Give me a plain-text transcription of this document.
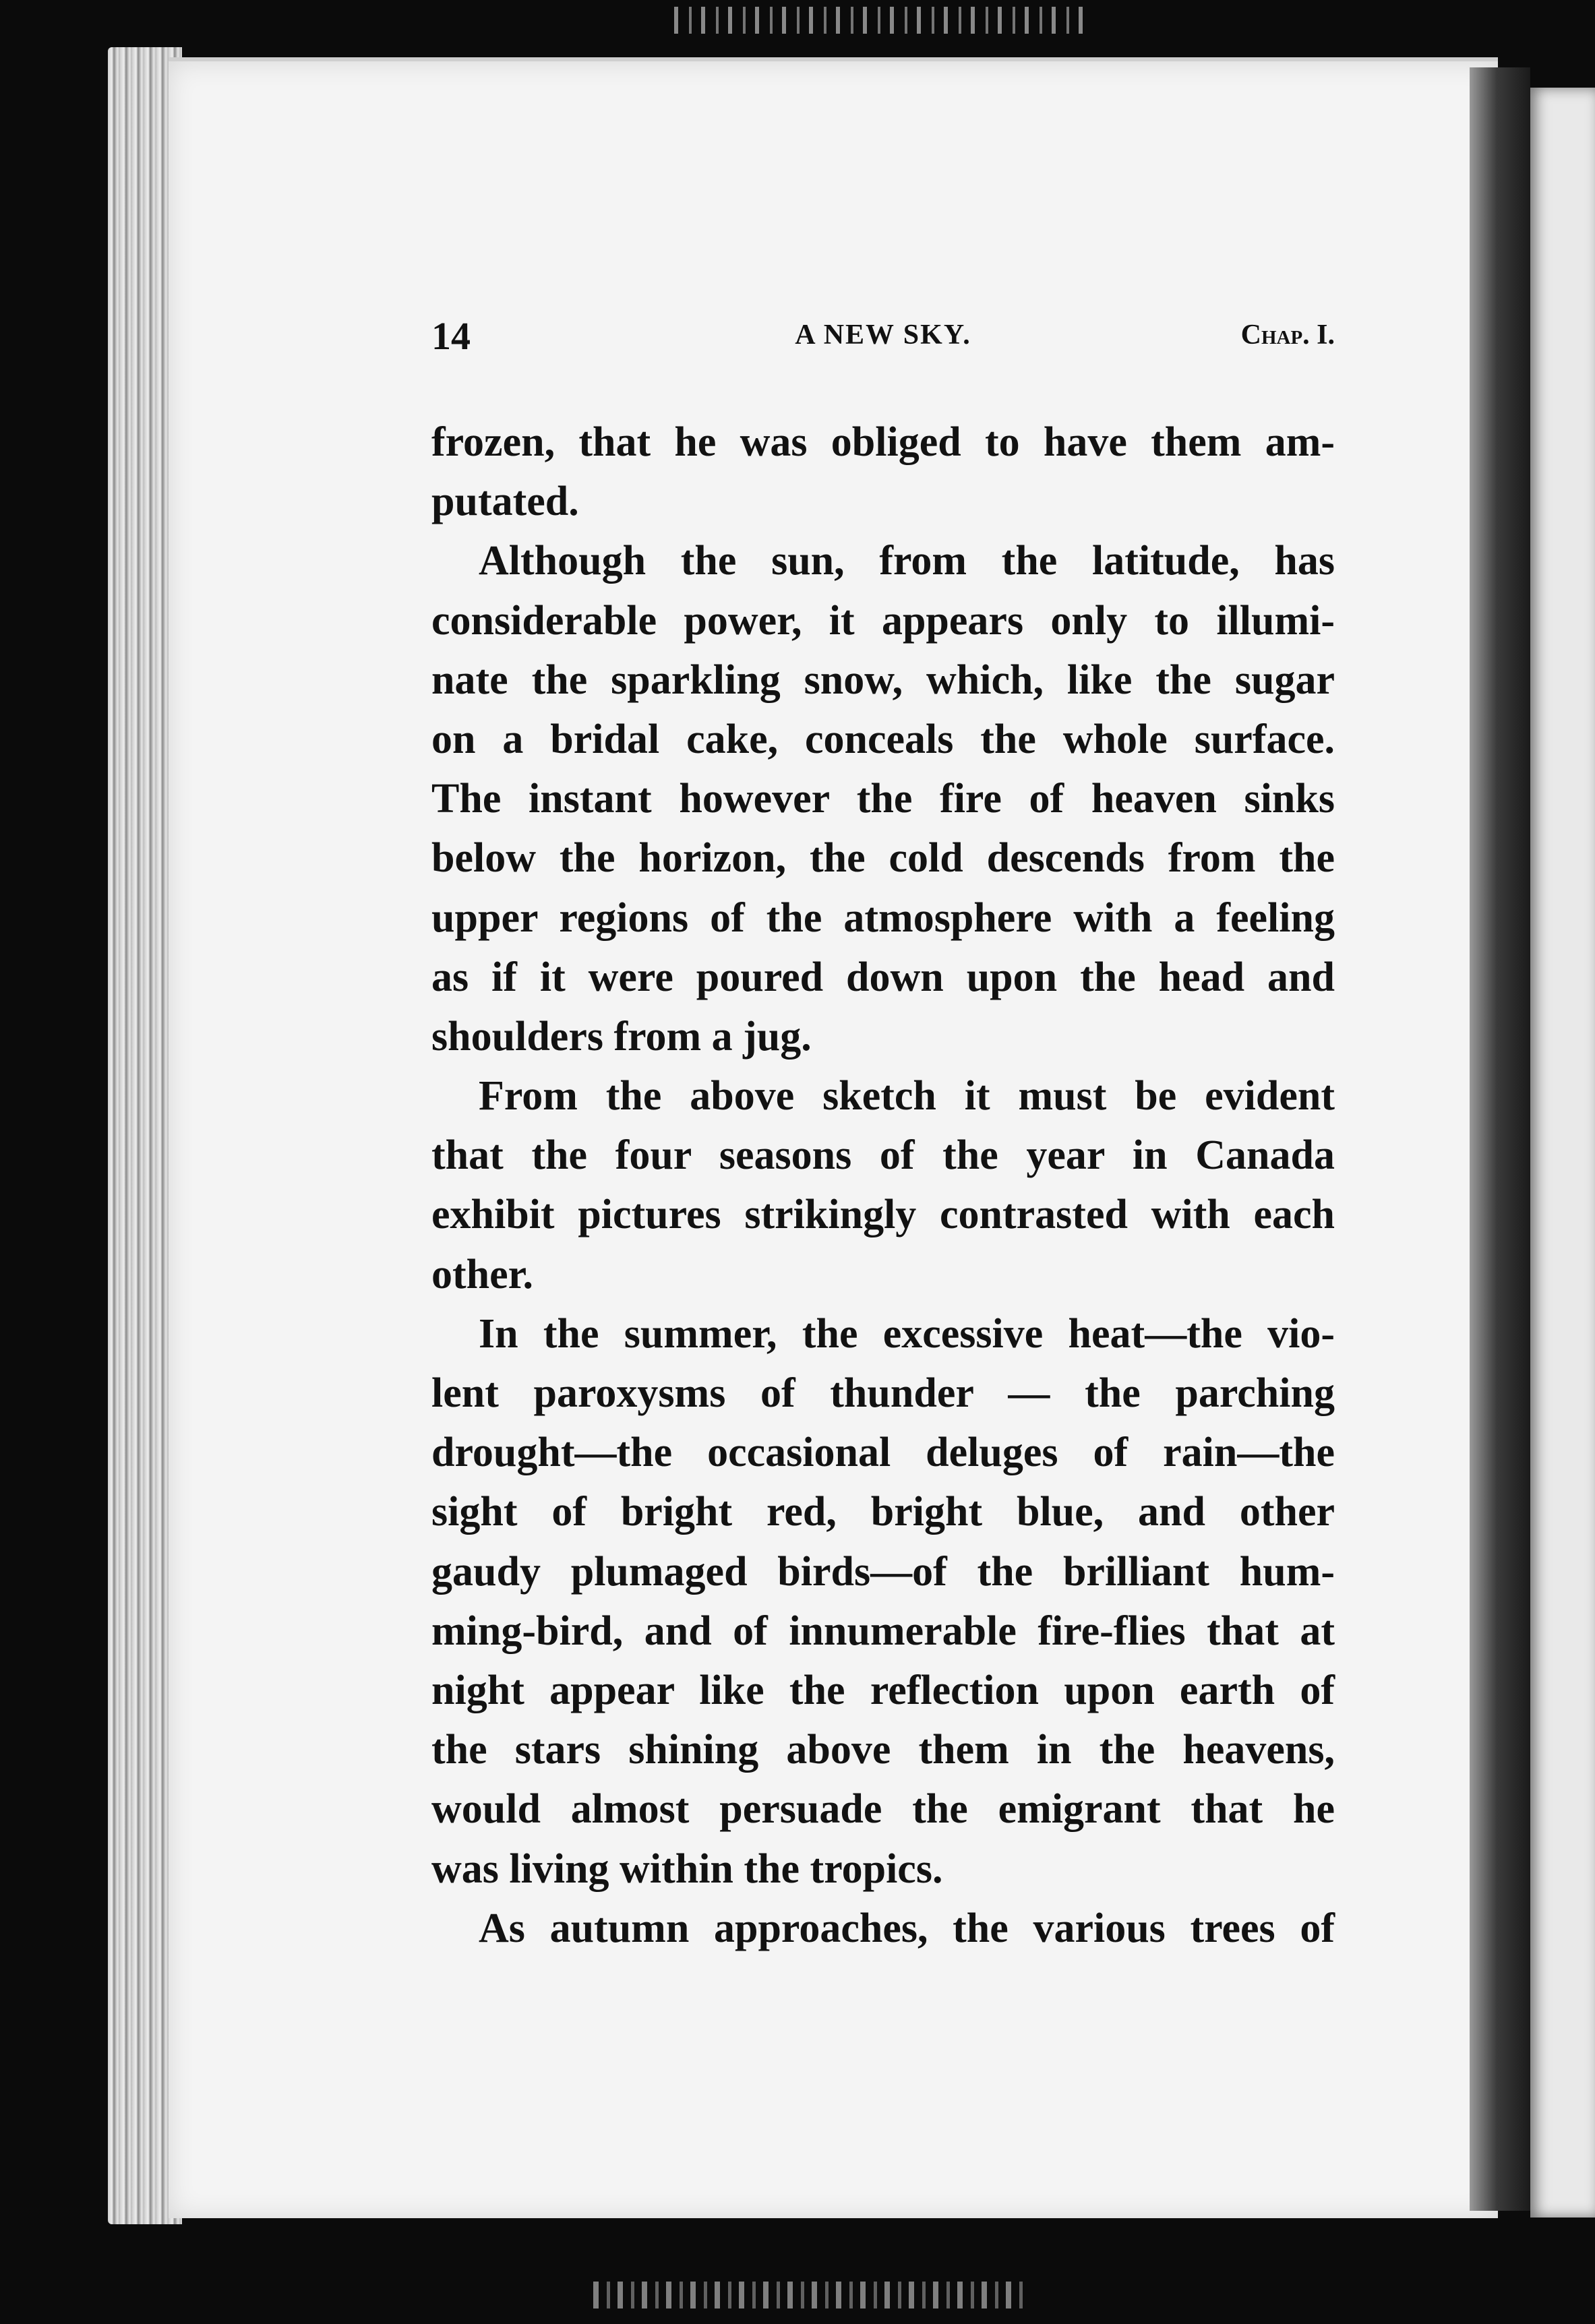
14	A NEW SKY.	Chap. I.
frozen, that he was obliged to have them am-
putated.
Although the sun, from the latitude, has
considerable power, it appears only to illumi-
nate the sparkling snow, which, like the sugar
on a bridal cake, conceals the whole surface.
The instant however the fire of heaven sinks
below the horizon, the cold descends from the
upper regions of the atmosphere with a feeling
as if it were poured down upon the head and
shoulders from a jug.
From the above sketch it must be evident
that the four seasons of the year in Canada
exhibit pictures strikingly contrasted with each
other.
In the summer, the excessive heat—the vio-
lent paroxysms of thunder — the parching
drought—the occasional deluges of rain—the
sight of bright red, bright blue, and other
gaudy plumaged birds—of the brilliant hum-
ming-bird, and of innumerable fire-flies that at
night appear like the reflection upon earth of
the stars shining above them in the heavens,
would almost persuade the emigrant that he
was living within the tropics.
As autumn approaches, the various trees of
